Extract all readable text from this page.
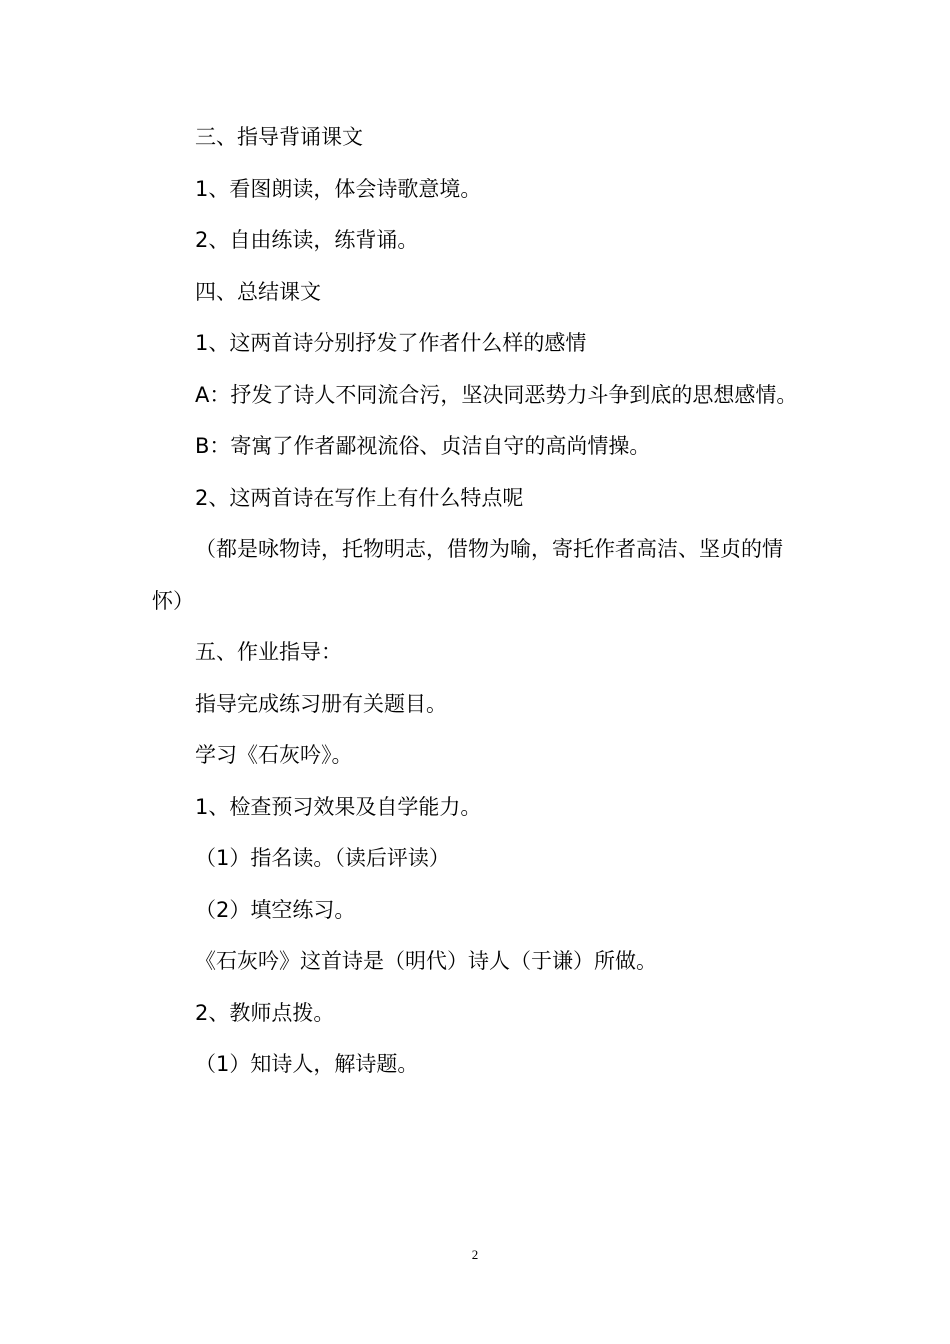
三、指导背诵课文

1、看图朗读，体会诗歌意境。

2、自由练读，练背诵。

四、总结课文

1、这两首诗分别抒发了作者什么样的感情

A：抒发了诗人不同流合污，坚决同恶势力斗争到底的思想感情。

B：寄寓了作者鄙视流俗、贞洁自守的高尚情操。

2、这两首诗在写作上有什么特点呢

（都是咏物诗，托物明志，借物为喻，寄托作者高洁、坚贞的情怀）

五、作业指导：

指导完成练习册有关题目。

学习《石灰吟》。

1、检查预习效果及自学能力。

（1）指名读。（读后评读）

（2）填空练习。

《石灰吟》这首诗是（明代）诗人（于谦）所做。

2、教师点拨。

（1）知诗人，解诗题。

2
